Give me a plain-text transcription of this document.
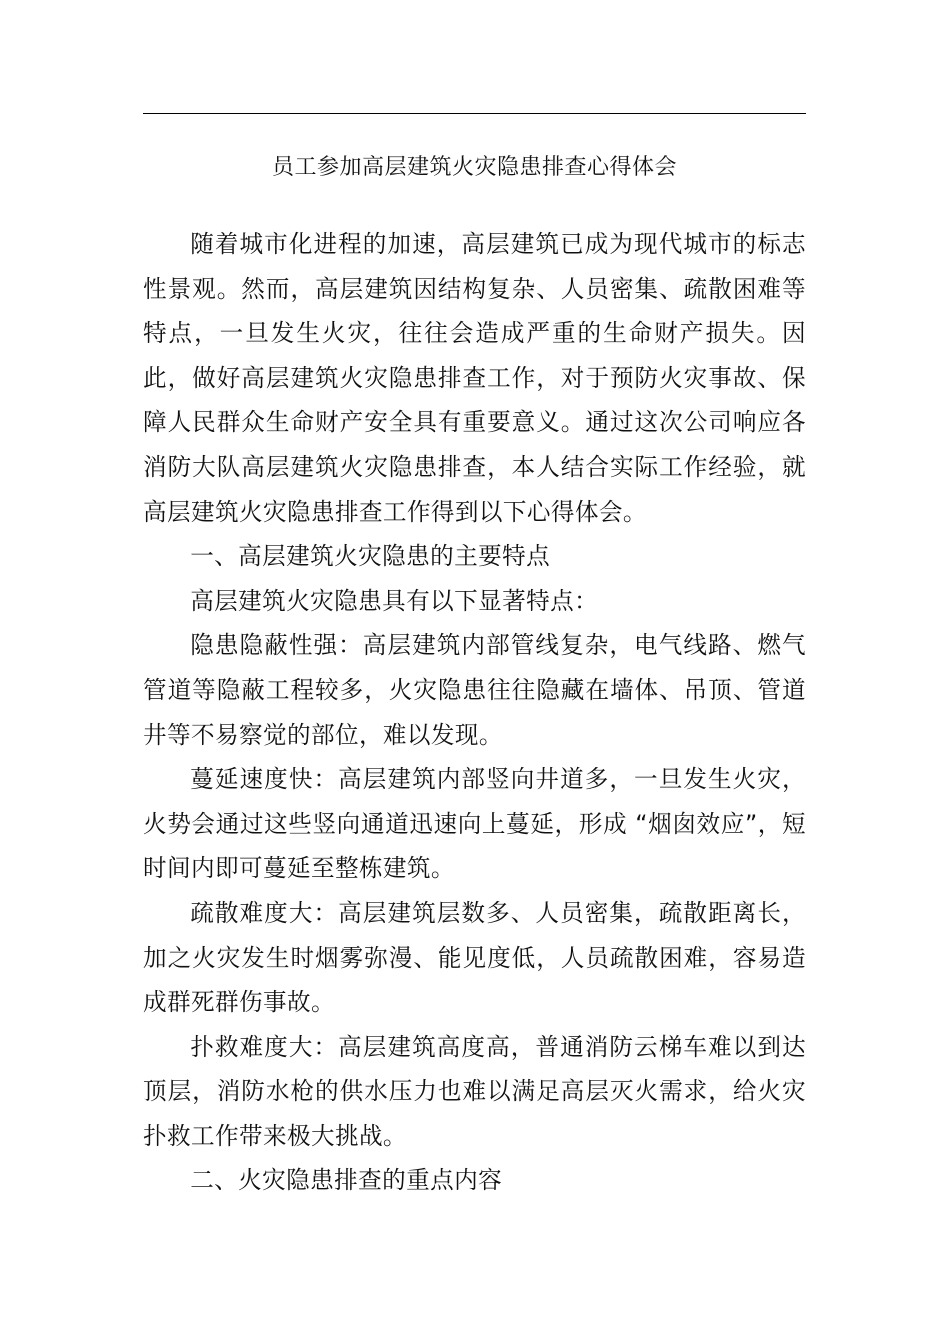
员工参加高层建筑火灾隐患排查心得体会

随着城市化进程的加速，高层建筑已成为现代城市的标志性景观。然而，高层建筑因结构复杂、人员密集、疏散困难等特点，一旦发生火灾，往往会造成严重的生命财产损失。因此，做好高层建筑火灾隐患排查工作，对于预防火灾事故、保障人民群众生命财产安全具有重要意义。通过这次公司响应各消防大队高层建筑火灾隐患排查，本人结合实际工作经验，就高层建筑火灾隐患排查工作得到以下心得体会。

一、高层建筑火灾隐患的主要特点

高层建筑火灾隐患具有以下显著特点：

隐患隐蔽性强：高层建筑内部管线复杂，电气线路、燃气管道等隐蔽工程较多，火灾隐患往往隐藏在墙体、吊顶、管道井等不易察觉的部位，难以发现。

蔓延速度快：高层建筑内部竖向井道多，一旦发生火灾，火势会通过这些竖向通道迅速向上蔓延，形成 “烟囱效应”，短时间内即可蔓延至整栋建筑。

疏散难度大：高层建筑层数多、人员密集，疏散距离长，加之火灾发生时烟雾弥漫、能见度低，人员疏散困难，容易造成群死群伤事故。

扑救难度大：高层建筑高度高，普通消防云梯车难以到达顶层，消防水枪的供水压力也难以满足高层灭火需求，给火灾扑救工作带来极大挑战。

二、火灾隐患排查的重点内容
